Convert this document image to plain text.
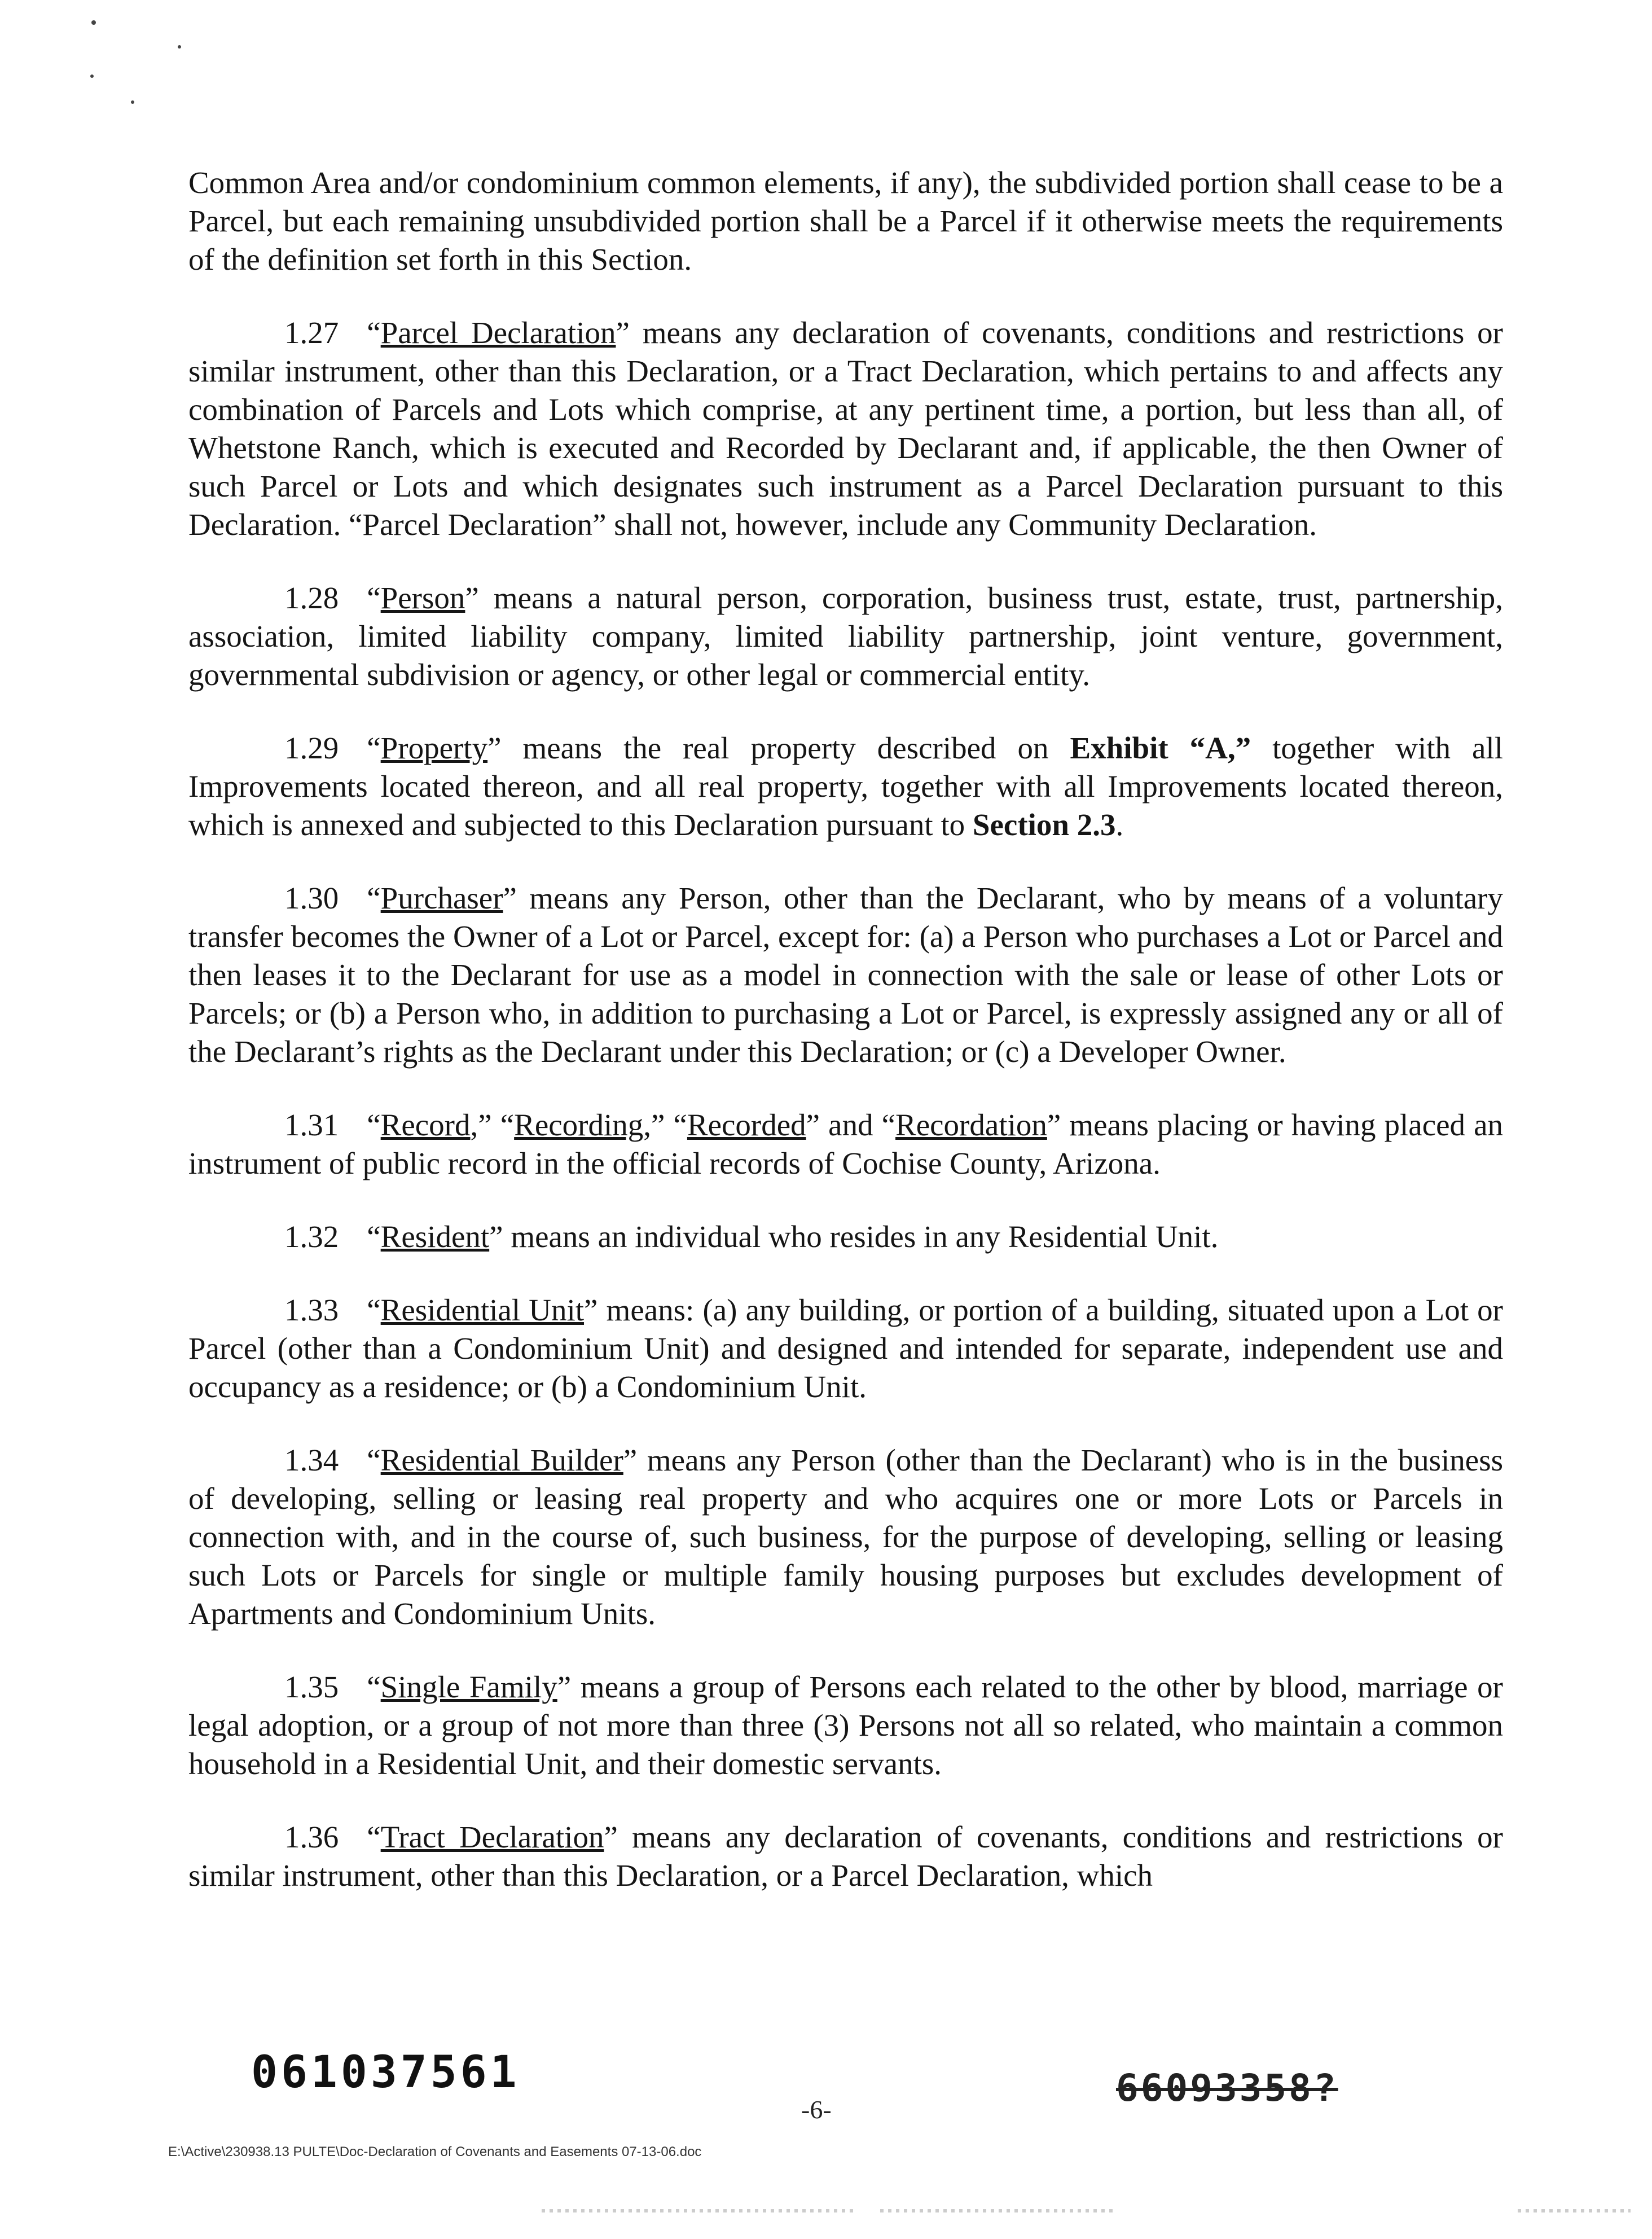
Common Area and/or condominium common elements, if any), the subdivided portion shall cease to be a Parcel, but each remaining unsubdivided portion shall be a Parcel if it otherwise meets the requirements of the definition set forth in this Section.

1.27 “Parcel Declaration” means any declaration of covenants, conditions and restrictions or similar instrument, other than this Declaration, or a Tract Declaration, which pertains to and affects any combination of Parcels and Lots which comprise, at any pertinent time, a portion, but less than all, of Whetstone Ranch, which is executed and Recorded by Declarant and, if applicable, the then Owner of such Parcel or Lots and which designates such instrument as a Parcel Declaration pursuant to this Declaration. “Parcel Declaration” shall not, however, include any Community Declaration.

1.28 “Person” means a natural person, corporation, business trust, estate, trust, partnership, association, limited liability company, limited liability partnership, joint venture, government, governmental subdivision or agency, or other legal or commercial entity.

1.29 “Property” means the real property described on Exhibit “A,” together with all Improvements located thereon, and all real property, together with all Improvements located thereon, which is annexed and subjected to this Declaration pursuant to Section 2.3.

1.30 “Purchaser” means any Person, other than the Declarant, who by means of a voluntary transfer becomes the Owner of a Lot or Parcel, except for: (a) a Person who purchases a Lot or Parcel and then leases it to the Declarant for use as a model in connection with the sale or lease of other Lots or Parcels; or (b) a Person who, in addition to purchasing a Lot or Parcel, is expressly assigned any or all of the Declarant’s rights as the Declarant under this Declaration; or (c) a Developer Owner.

1.31 “Record,” “Recording,” “Recorded” and “Recordation” means placing or having placed an instrument of public record in the official records of Cochise County, Arizona.

1.32 “Resident” means an individual who resides in any Residential Unit.

1.33 “Residential Unit” means: (a) any building, or portion of a building, situated upon a Lot or Parcel (other than a Condominium Unit) and designed and intended for separate, independent use and occupancy as a residence; or (b) a Condominium Unit.

1.34 “Residential Builder” means any Person (other than the Declarant) who is in the business of developing, selling or leasing real property and who acquires one or more Lots or Parcels in connection with, and in the course of, such business, for the purpose of developing, selling or leasing such Lots or Parcels for single or multiple family housing purposes but excludes development of Apartments and Condominium Units.

1.35 “Single Family” means a group of Persons each related to the other by blood, marriage or legal adoption, or a group of not more than three (3) Persons not all so related, who maintain a common household in a Residential Unit, and their domestic servants.

1.36 “Tract Declaration” means any declaration of covenants, conditions and restrictions or similar instrument, other than this Declaration, or a Parcel Declaration, which

061037561
-6-	66093358?
E:\Active\230938.13 PULTE\Doc-Declaration of Covenants and Easements 07-13-06.doc
